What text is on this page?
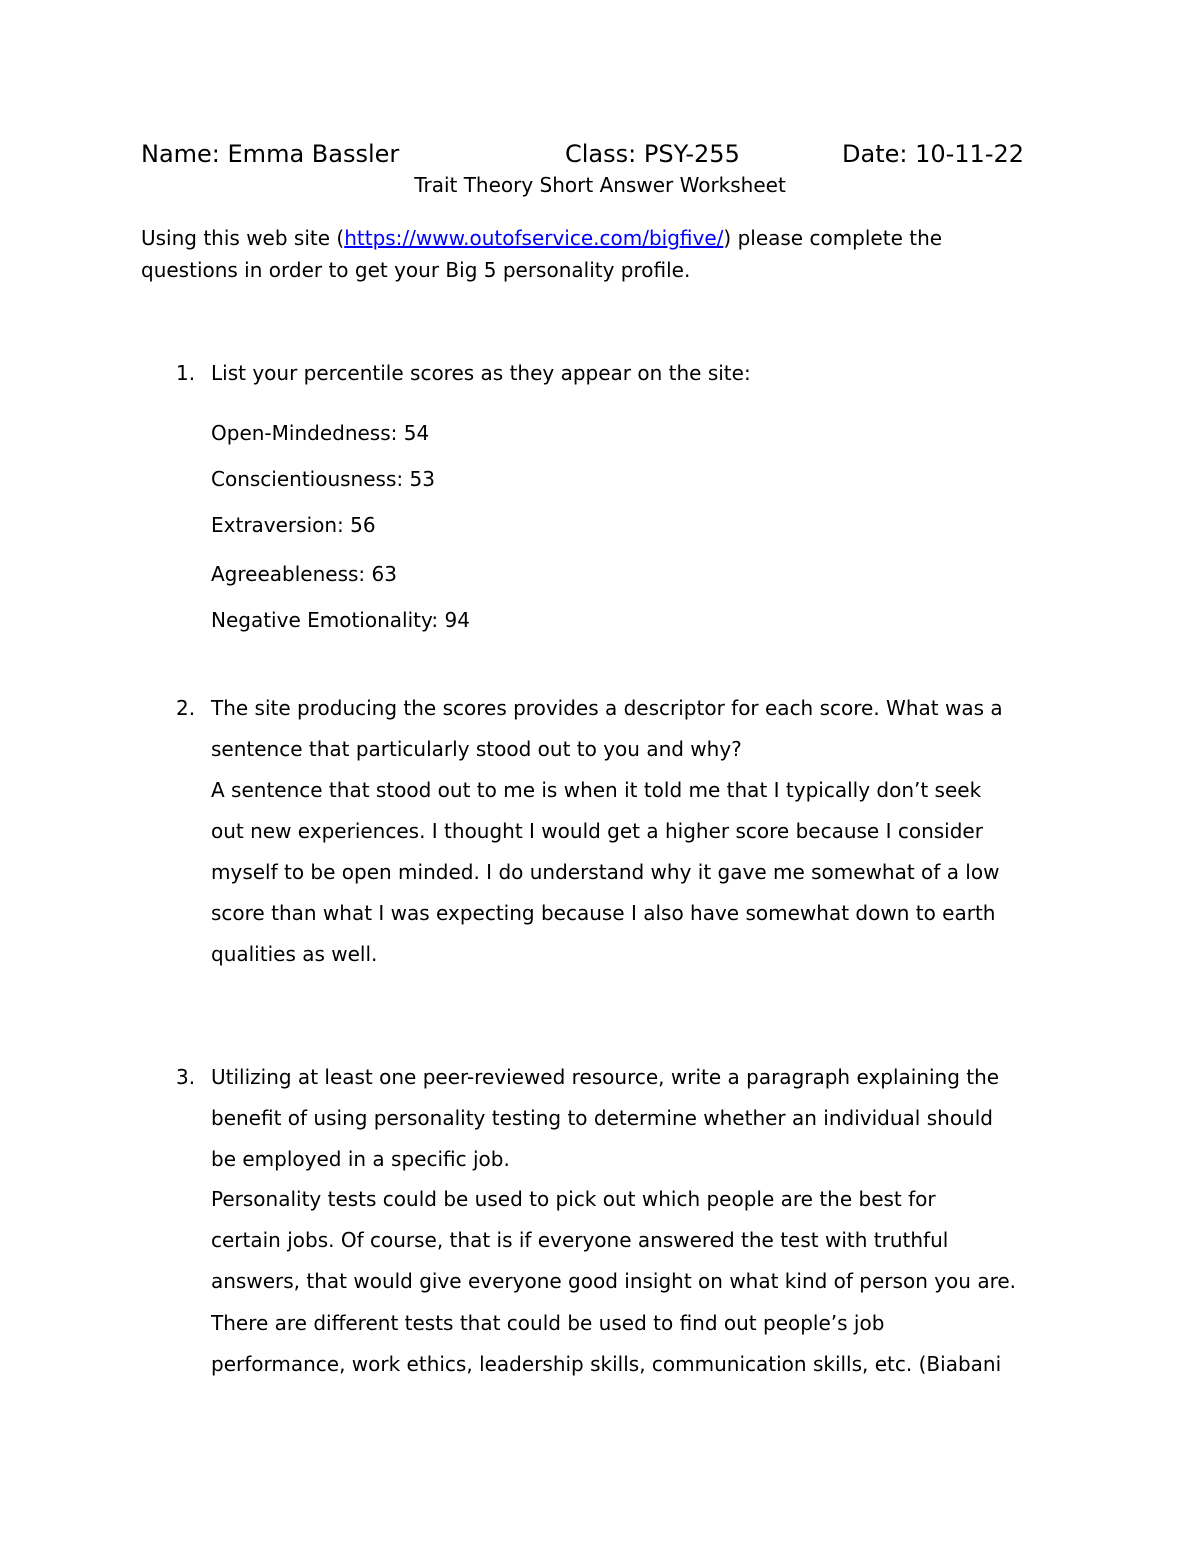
Name: Emma Bassler	Class: PSY-255	Date: 10-11-22
Trait Theory Short Answer Worksheet
Using this web site (https://www.outofservice.com/bigfive/) please complete the
questions in order to get your Big 5 personality profile.
1. List your percentile scores as they appear on the site:
Open-Mindedness: 54
Conscientiousness: 53
Extraversion: 56
Agreeableness: 63
Negative Emotionality: 94
2. The site producing the scores provides a descriptor for each score. What was a
sentence that particularly stood out to you and why?
A sentence that stood out to me is when it told me that I typically don’t seek
out new experiences. I thought I would get a higher score because I consider
myself to be open minded. I do understand why it gave me somewhat of a low
score than what I was expecting because I also have somewhat down to earth
qualities as well.
3. Utilizing at least one peer-reviewed resource, write a paragraph explaining the
benefit of using personality testing to determine whether an individual should
be employed in a specific job.
Personality tests could be used to pick out which people are the best for
certain jobs. Of course, that is if everyone answered the test with truthful
answers, that would give everyone good insight on what kind of person you are.
There are different tests that could be used to find out people’s job
performance, work ethics, leadership skills, communication skills, etc. (Biabani
